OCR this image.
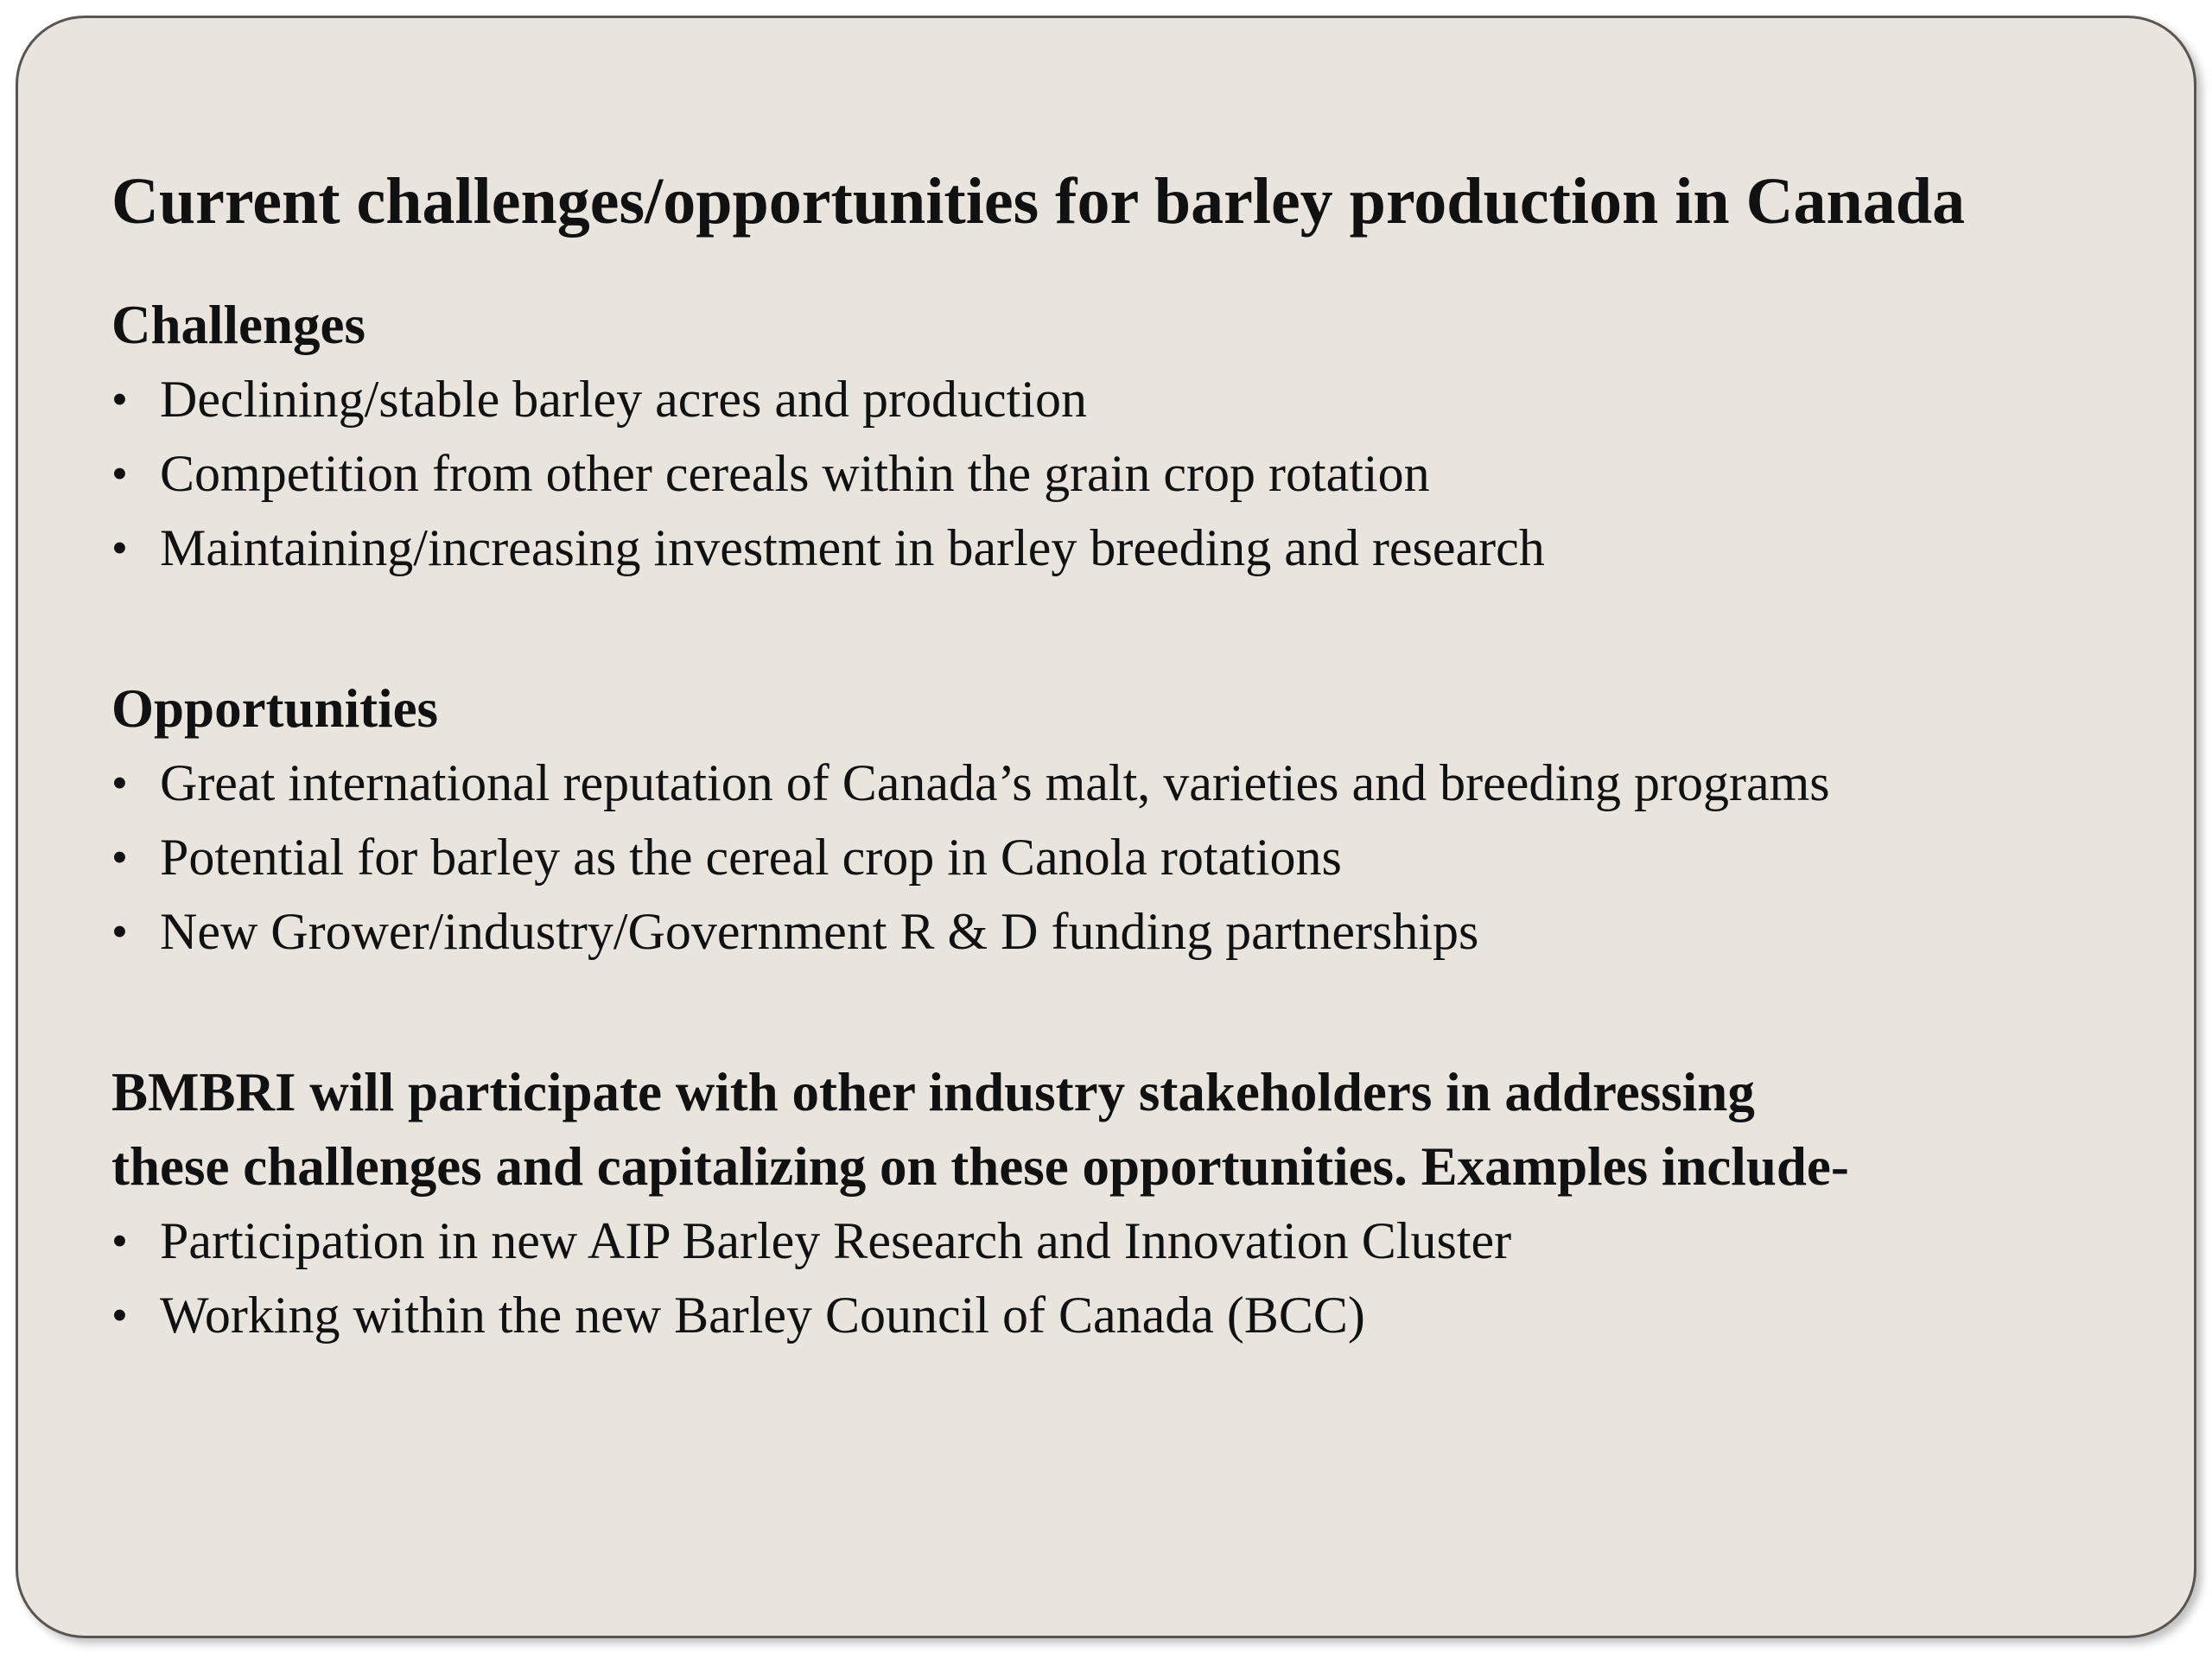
Current challenges/opportunities for barley production in Canada
Challenges
• Declining/stable barley acres and production
• Competition from other cereals within the grain crop rotation
• Maintaining/increasing investment in barley breeding and research
Opportunities
• Great international reputation of Canada’s malt, varieties and breeding programs
• Potential for barley as the cereal crop in Canola rotations
• New Grower/industry/Government R & D funding partnerships

BMBRI will participate with other industry stakeholders in addressing

these challenges and capitalizing on these opportunities. Examples include-

• Participation in new AIP Barley Research and Innovation Cluster
• Working within the new Barley Council of Canada (BCC)
